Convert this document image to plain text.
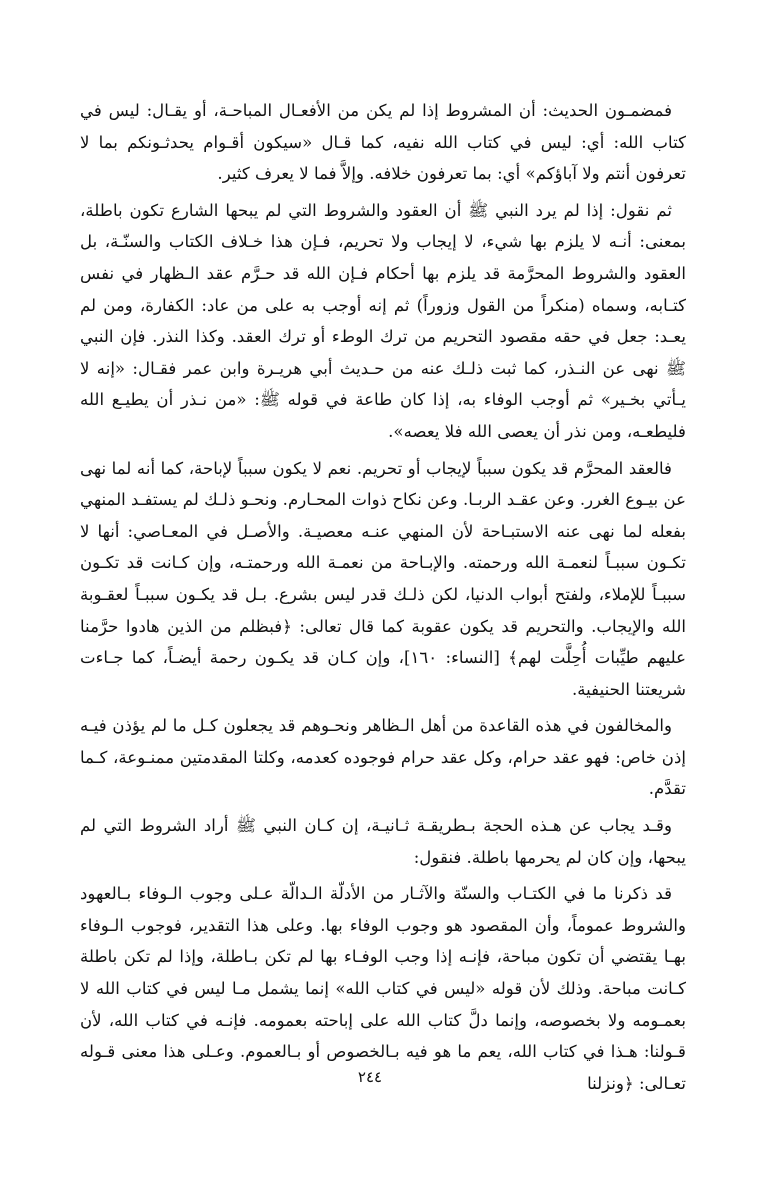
فمضمـون الحديث: أن المشروط إذا لم يكن من الأفعـال المباحـة، أو يقـال: ليس في كتاب الله: أي: ليس في كتاب الله نفيه، كما قـال «سيكون أقـوام يحدثـونكم بما لا تعرفون أنتم ولا آباؤكم» أي: بما تعرفون خلافه. وإلاَّ فما لا يعرف كثير.

ثم نقول: إذا لم يرد النبي ﷺ أن العقود والشروط التي لم يبحها الشارع تكون باطلة، بمعنى: أنـه لا يلزم بها شيء، لا إيجاب ولا تحريم، فـإن هذا خـلاف الكتاب والسنّـة، بل العقود والشروط المحرَّمة قد يلزم بها أحكام فـإن الله قد حـرَّم عقد الـظهار في نفس كتـابه، وسماه (منكراً من القول وزوراً) ثم إنه أوجب به على من عاد: الكفارة، ومن لم يعـد: جعل في حقه مقصود التحريم من ترك الوطء أو ترك العقد. وكذا النذر. فإن النبي ﷺ نهى عن النـذر، كما ثبت ذلـك عنه من حـديث أبي هريـرة وابن عمر فقـال: «إنه لا يـأتي بخـير» ثم أوجب الوفاء به، إذا كان طاعة في قوله ﷺ: «من نـذر أن يطيـع الله فليطعـه، ومن نذر أن يعصى الله فلا يعصه».

فالعقد المحرَّم قد يكون سبباً لإيجاب أو تحريم. نعم لا يكون سبباً لإباحة، كما أنه لما نهى عن بيـوع الغرر. وعن عقـد الربـا. وعن نكاح ذوات المحـارم. ونحـو ذلـك لم يستفـد المنهي بفعله لما نهى عنه الاستبـاحة لأن المنهي عنـه معصيـة. والأصـل في المعـاصي: أنها لا تكـون سببـاً لنعمـة الله ورحمته. والإبـاحة من نعمـة الله ورحمتـه، وإن كـانت قد تكـون سببـاً للإملاء، ولفتح أبواب الدنيا، لكن ذلـك قدر ليس بشرع. بـل قد يكـون سببـاً لعقـوبة الله والإيجاب. والتحريم قد يكون عقوبة كما قال تعالى: ﴿فبظلم من الذين هادوا حرَّمنا عليهم طيِّبات أُحِلَّت لهم﴾ [النساء: ١٦٠]، وإن كـان قد يكـون رحمة أيضـاً، كما جـاءت شريعتنا الحنيفية.

والمخالفون في هذه القاعدة من أهل الـظاهر ونحـوهم قد يجعلون كـل ما لم يؤذن فيـه إذن خاص: فهو عقد حرام، وكل عقد حرام فوجوده كعدمه، وكلتا المقدمتين ممنـوعة، كـما تقدَّم.

وقـد يجاب عن هـذه الحجة بـطريقـة ثـانيـة، إن كـان النبي ﷺ أراد الشروط التي لم يبحها، وإن كان لم يحرمها باطلة. فنقول:

قد ذكرنا ما في الكتـاب والسنّة والآثـار من الأدلّة الـدالّة عـلى وجوب الـوفاء بـالعهود والشروط عموماً، وأن المقصود هو وجوب الوفاء بها. وعلى هذا التقدير، فوجوب الـوفاء بهـا يقتضي أن تكون مباحة، فإنـه إذا وجب الوفـاء بها لم تكن بـاطلة، وإذا لم تكن باطلة كـانت مباحة. وذلك لأن قوله «ليس في كتاب الله» إنما يشمل مـا ليس في كتاب الله لا بعمـومه ولا بخصوصه، وإنما دلَّ كتاب الله على إباحته بعمومه. فإنـه في كتاب الله، لأن قـولنا: هـذا في كتاب الله، يعم ما هو فيه بـالخصوص أو بـالعموم. وعـلى هذا معنى قـوله تعـالى: ﴿ونزلنا

٢٤٤
